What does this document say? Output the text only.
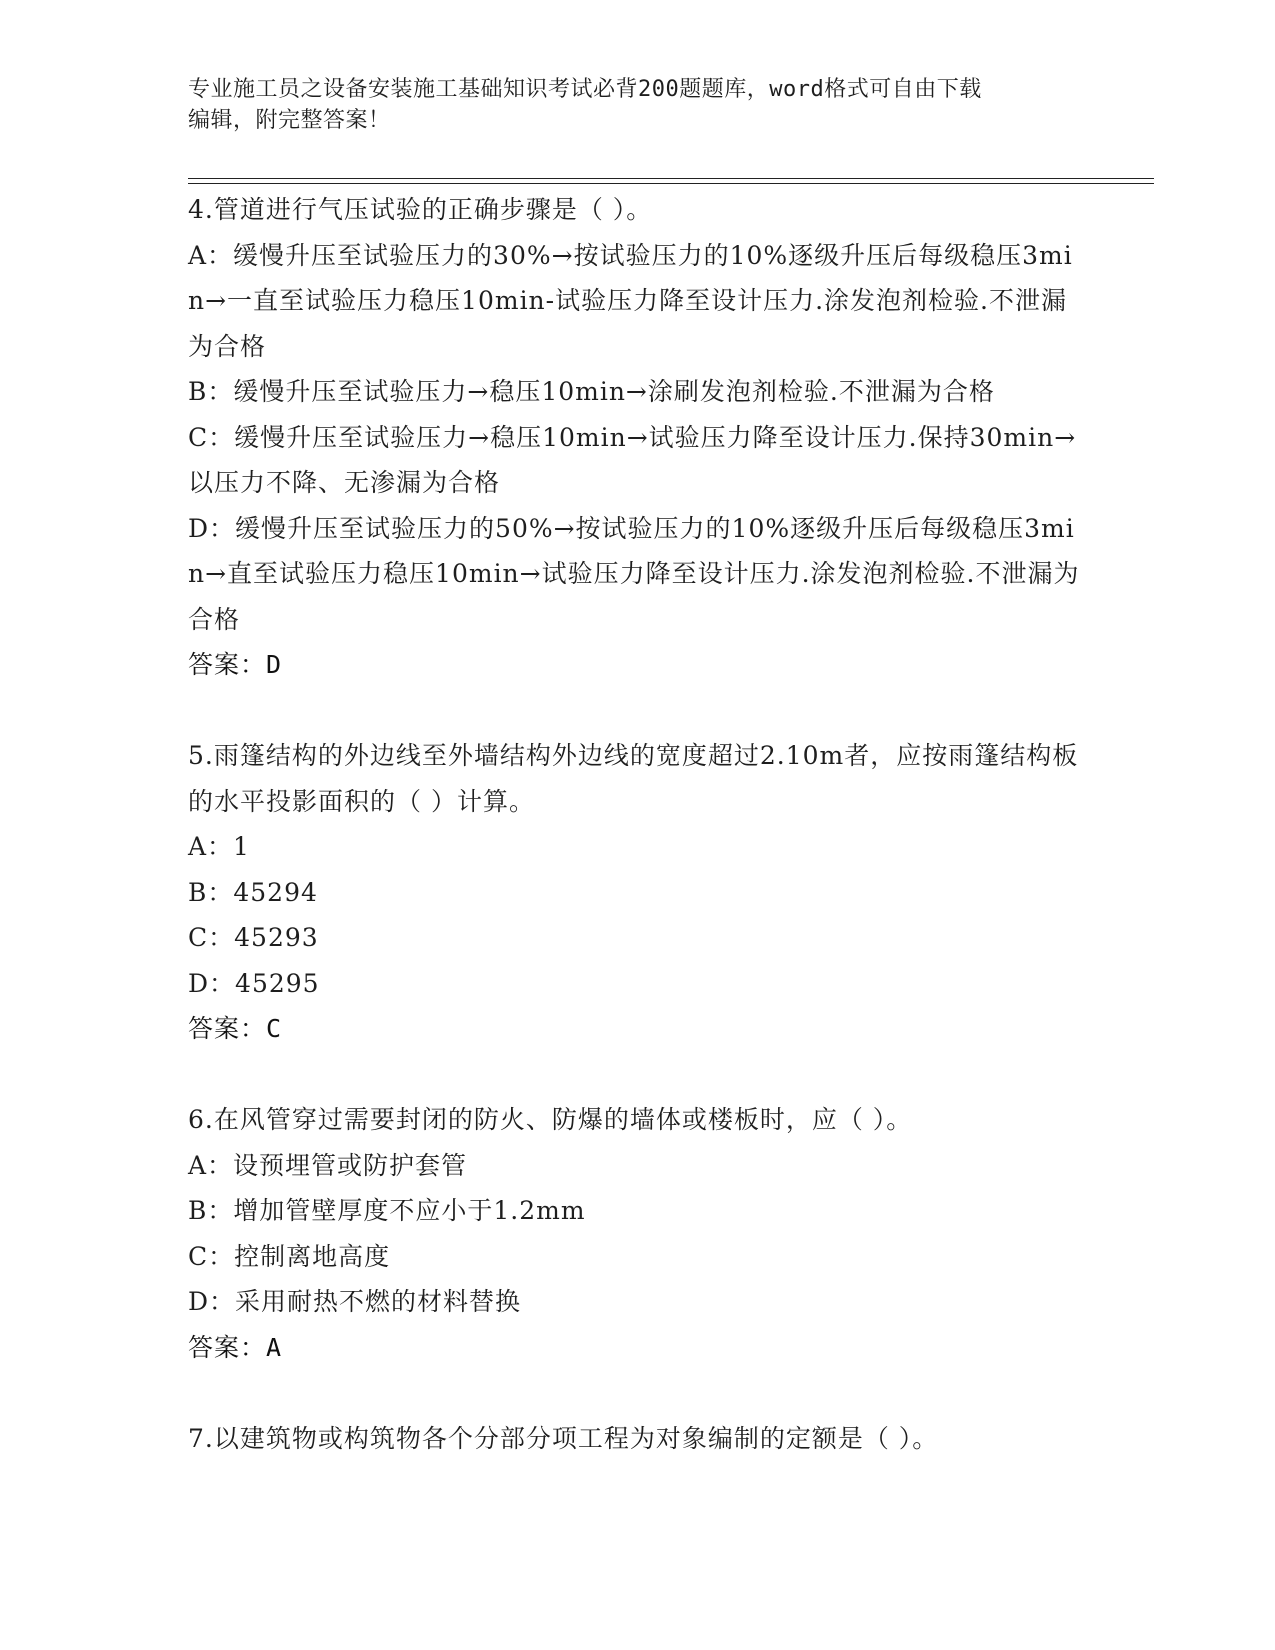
专业施工员之设备安装施工基础知识考试必背200题题库，word格式可自由下载
编辑，附完整答案！

4.管道进行气压试验的正确步骤是（ ）。

A：缓慢升压至试验压力的30%→按试验压力的10%逐级升压后每级稳压3min→一直至试验压力稳压10min-试验压力降至设计压力.涂发泡剂检验.不泄漏为合格

B：缓慢升压至试验压力→稳压10min→涂刷发泡剂检验.不泄漏为合格

C：缓慢升压至试验压力→稳压10min→试验压力降至设计压力.保持30min→以压力不降、无渗漏为合格

D：缓慢升压至试验压力的50%→按试验压力的10%逐级升压后每级稳压3min→直至试验压力稳压10min→试验压力降至设计压力.涂发泡剂检验.不泄漏为合格

答案：D

5.雨篷结构的外边线至外墙结构外边线的宽度超过2.10m者，应按雨篷结构板的水平投影面积的（ ）计算。

A：1

B：45294

C：45293

D：45295

答案：C

6.在风管穿过需要封闭的防火、防爆的墙体或楼板时，应（ ）。

A：设预埋管或防护套管

B：增加管壁厚度不应小于1.2mm

C：控制离地高度

D：采用耐热不燃的材料替换

答案：A

7.以建筑物或构筑物各个分部分项工程为对象编制的定额是（ ）。
